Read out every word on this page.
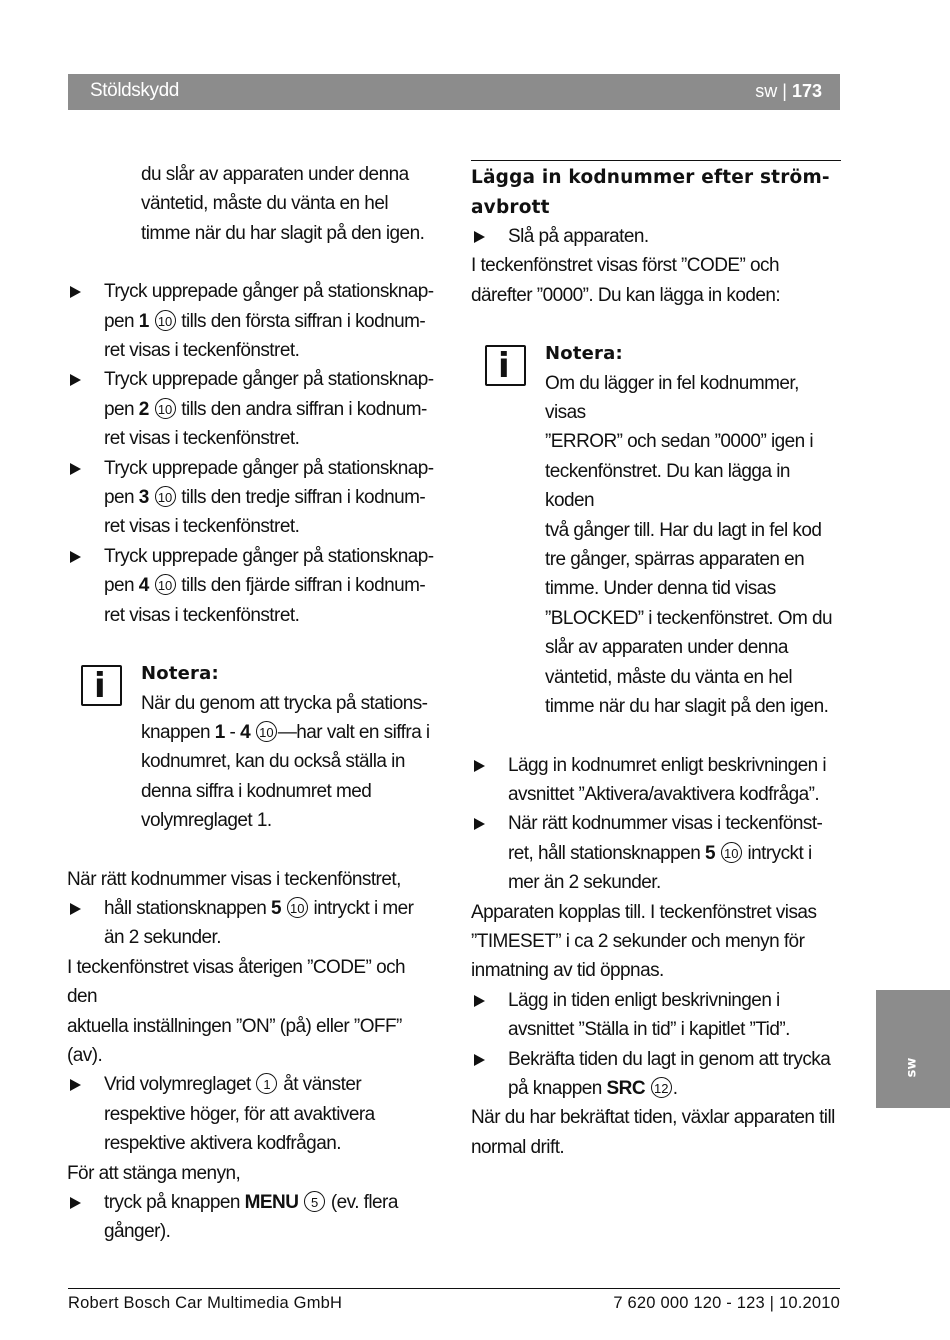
Stöldskydd	sw | 173

du slår av apparaten under denna

väntetid, måste du vänta en hel

timme när du har slagit på den igen.

Tryck upprepade gånger på stationsknap-

pen 1 10 tills den första siffran i kodnum-

ret visas i teckenfönstret.

Tryck upprepade gånger på stationsknap-

pen 2 10 tills den andra siffran i kodnum-

ret visas i teckenfönstret.

Tryck upprepade gånger på stationsknap-

pen 3 10 tills den tredje siffran i kodnum-

ret visas i teckenfönstret.

Tryck upprepade gånger på stationsknap-

pen 4 10 tills den fjärde siffran i kodnum-

ret visas i teckenfönstret.

i Notera:

När du genom att trycka på stations-

knappen 1 - 4 10 —har valt en siffra i

kodnumret, kan du också ställa in

denna siffra i kodnumret med

volymreglaget 1.

När rätt kodnummer visas i teckenfönstret,

håll stationsknappen 5 10 intryckt i mer

än 2 sekunder.

I teckenfönstret visas återigen ”CODE” och den

aktuella inställningen ”ON” (på) eller ”OFF”

(av).

Vrid volymreglaget 1 åt vänster

respektive höger, för att avaktivera

respektive aktivera kodfrågan.

För att stänga menyn,

tryck på knappen MENU 5 (ev. flera

gånger).

Lägga in kodnummer efter ström-

avbrott

Slå på apparaten.

I teckenfönstret visas först ”CODE” och

därefter ”0000”. Du kan lägga in koden:

i Notera:

Om du lägger in fel kodnummer, visas

”ERROR” och sedan ”0000” igen i

teckenfönstret. Du kan lägga in koden

två gånger till. Har du lagt in fel kod

tre gånger, spärras apparaten en

timme. Under denna tid visas

”BLOCKED” i teckenfönstret. Om du

slår av apparaten under denna

väntetid, måste du vänta en hel

timme när du har slagit på den igen.

Lägg in kodnumret enligt beskrivningen i

avsnittet ”Aktivera/avaktivera kodfråga”.

När rätt kodnummer visas i teckenfönst-

ret, håll stationsknappen 5 10 intryckt i

mer än 2 sekunder.

Apparaten kopplas till. I teckenfönstret visas

”TIMESET” i ca 2 sekunder och menyn för

inmatning av tid öppnas.

Lägg in tiden enligt beskrivningen i

avsnittet ”Ställa in tid” i kapitlet ”Tid”.

Bekräfta tiden du lagt in genom att trycka

på knappen SRC 12 .

När du har bekräftat tiden, växlar apparaten till

normal drift.

sw
Robert Bosch Car Multimedia GmbH	7 620 000 120 - 123 | 10.2010
